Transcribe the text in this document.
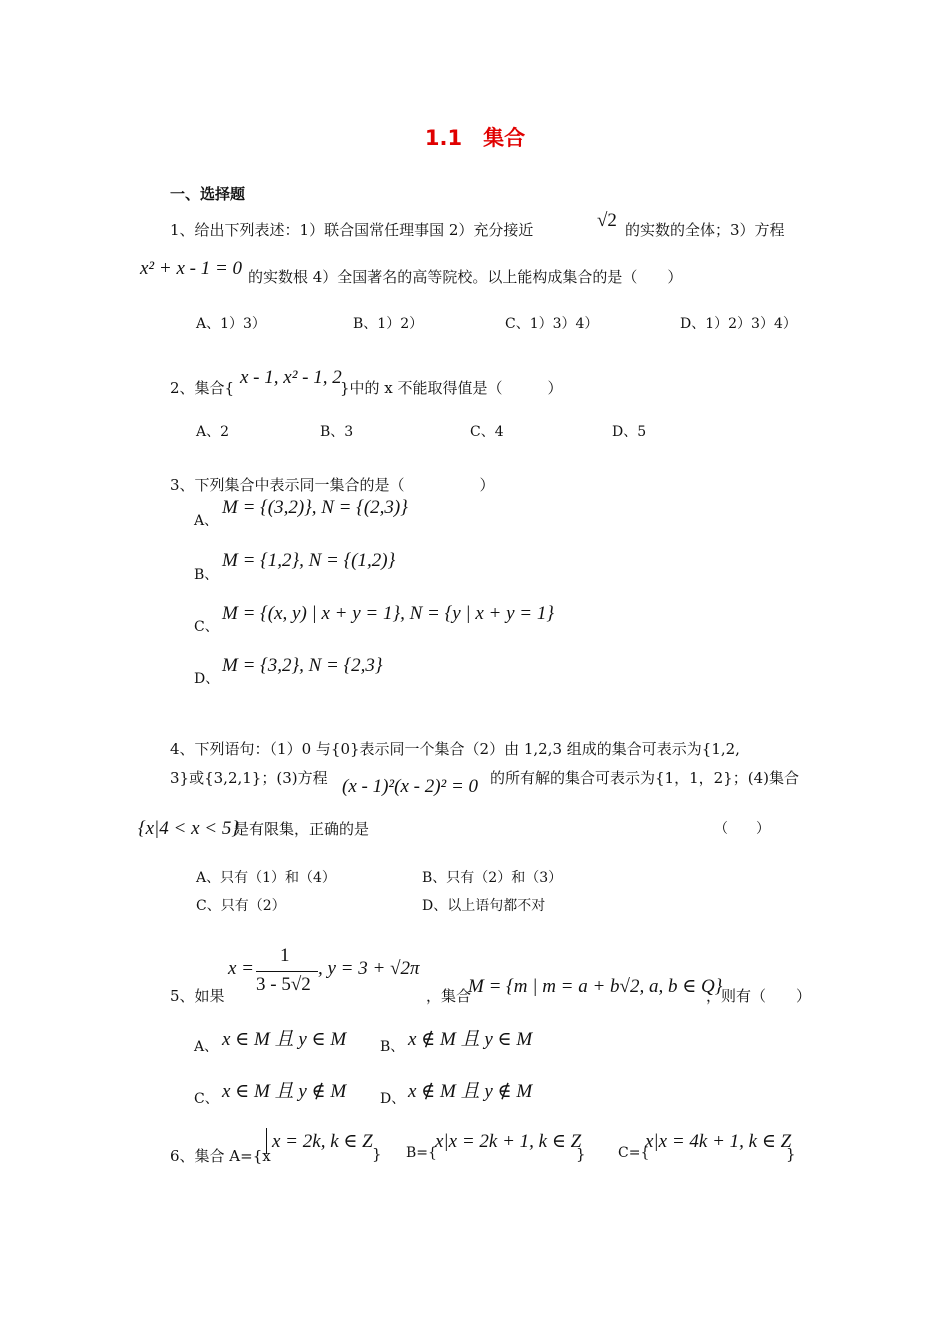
1.1　集合
一、选择题
1、给出下列表述：1）联合国常任理事国 2）充分接近	√2 的实数的全体；3）方程
x² + x - 1 = 0 的实数根 4）全国著名的高等院校。以上能构成集合的是（　　）
A、1）3）	B、1）2）	C、1）3）4）	D、1）2）3）4）
2、集合{ x - 1, x² - 1, 2
}中的 x 不能取得值是（　　　）
A、2	B、3	C、4	D、5
3、下列集合中表示同一集合的是（　　　　　）
A、
M = {(3,2)}, N = {(2,3)}
B、
M = {1,2}, N = {(1,2)}
C、
M = {(x, y) | x + y = 1}, N = {y | x + y = 1}
D、
M = {3,2}, N = {2,3}
4、下列语句：（1）0 与{0}表示同一个集合（2）由 1,2,3 组成的集合可表示为{1,2,
3}或{3,2,1}；(3)方程 (x - 1)²(x - 2)² = 0 的所有解的集合可表示为{1，1，2}；(4)集合
{x|4 < x < 5}
是有限集，正确的是	（　　）
A、只有（1）和（4）	B、只有（2）和（3）
C、只有（2）	D、以上语句都不对
5、如果
x =
1
3 - 5√2
, y = 3 + √2π
，集合
M = {m | m = a + b√2, a, b ∈ Q}
，则有（　　）
A、 x ∈ M 且 y ∈ M B、 x ∉ M 且 y ∈ M
C、 x ∈ M 且 y ∉ M D、 x ∉ M 且 y ∉ M
6、集合 A={x
x = 2k, k ∈ Z
} B={
x|x = 2k + 1, k ∈ Z
} C={
x|x = 4k + 1, k ∈ Z
}
